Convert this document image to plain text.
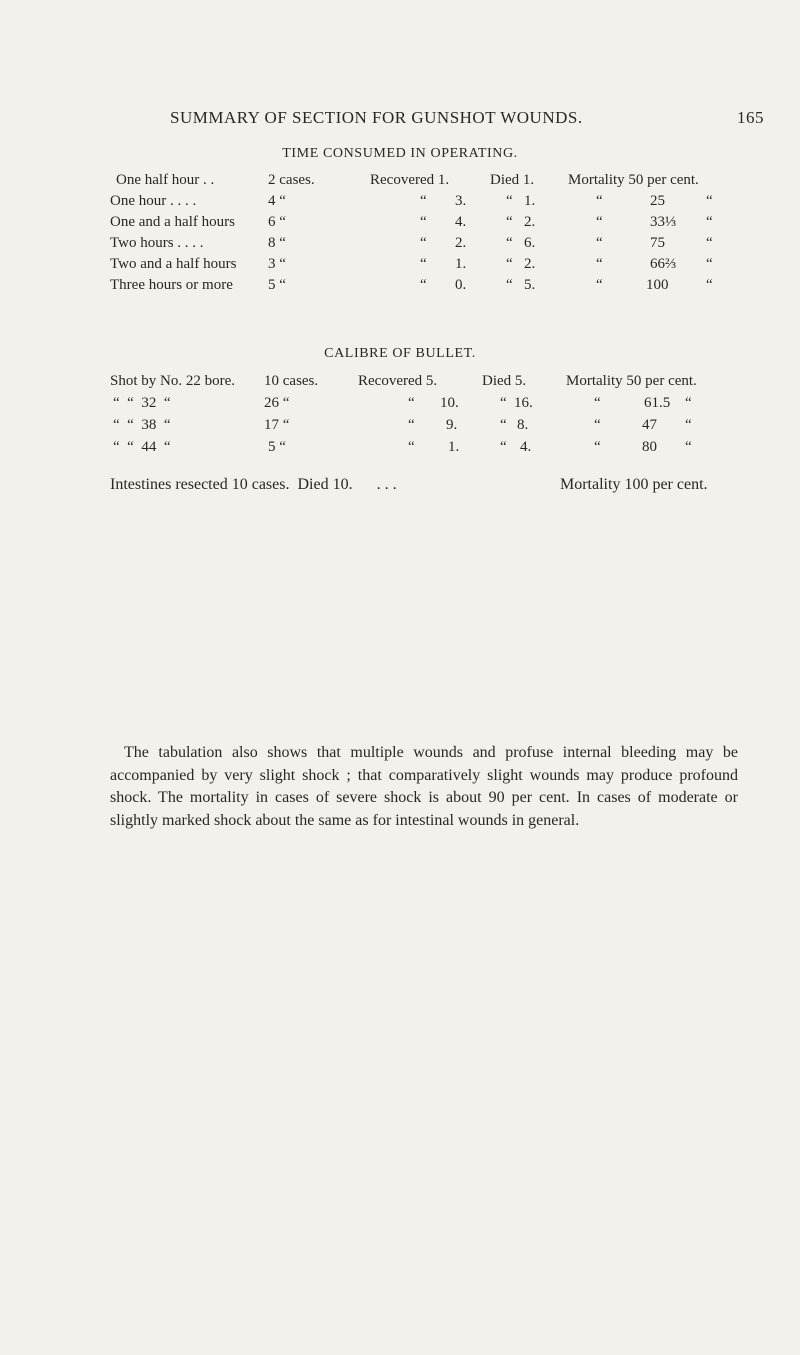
SUMMARY OF SECTION FOR GUNSHOT WOUNDS.	165
TIME CONSUMED IN OPERATING.
One half hour . .	2 cases.	Recovered 1.	Died 1. Mortality 50 per cent.
One hour . . . .	4 “	“ 3.	“ 1.	“	25	“
One and a half hours 6 “	“ 4.	“ 2.	“	33⅓ “
Two hours . . . .	8 “	“ 2.	“ 6.	“	75	“
Two and a half hours 3 “	“ 1.	“ 2.	“	66⅔ “
Three hours or more 5 “	“ 0.	“ 5.	“	100	“
CALIBRE OF BULLET.
Shot by No. 22 bore. 10 cases.	Recovered 5.	Died 5.	Mortality 50 per cent.
“  “  32  “	26 “	“ 10.	“ 16.	“	61.5 “
“  “  38  “	17 “	“ 9.	“ 8.	“	47 “
“  “  44  “	5 “	“ 1.	“ 4.	“	80 “
Intestines resected 10 cases.  Died 10.      . . .	Mortality 100 per cent.

The tabulation also shows that multiple wounds and profuse internal bleeding may be accompanied by very slight shock ; that comparatively slight wounds may produce profound shock. The mortality in cases of severe shock is about 90 per cent. In cases of moderate or slightly marked shock about the same as for intestinal wounds in general.
